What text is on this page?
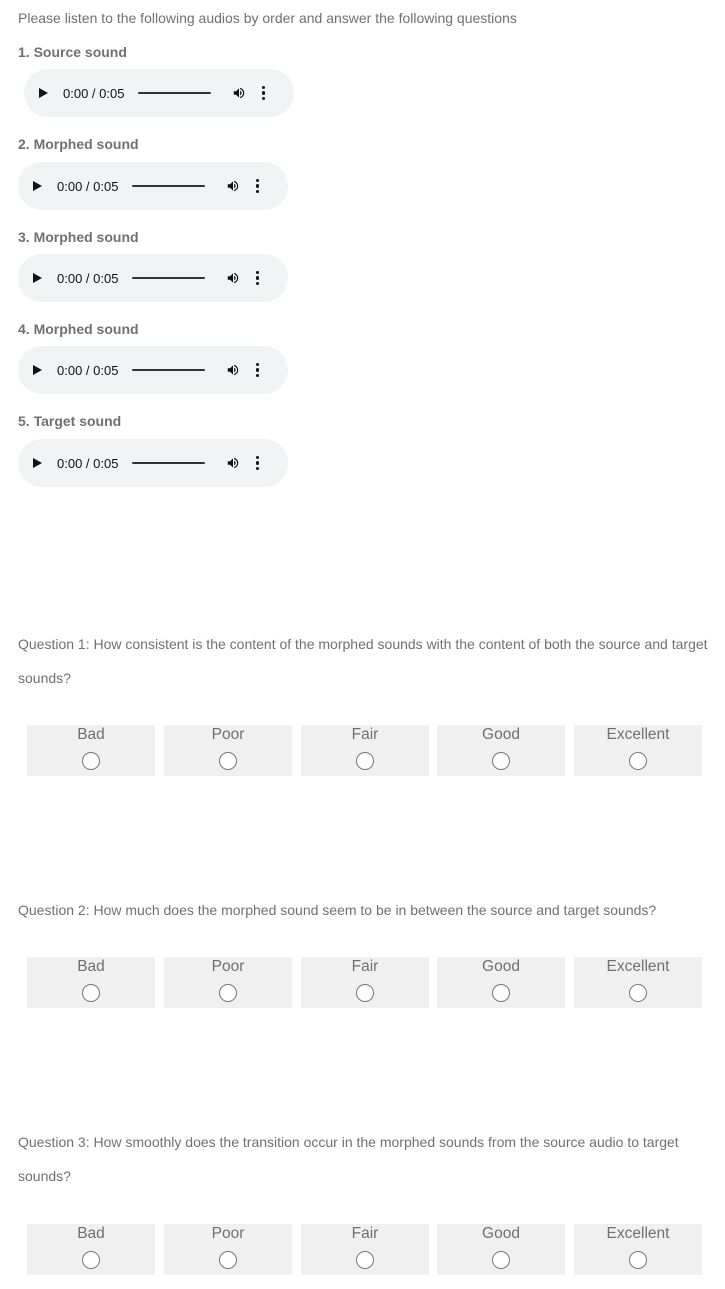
Please listen to the following audios by order and answer the following questions
1. Source sound
0:00 / 0:05
2. Morphed sound
0:00 / 0:05
3. Morphed sound
0:00 / 0:05
4. Morphed sound
0:00 / 0:05
5. Target sound
0:00 / 0:05
Question 1: How consistent is the content of the morphed sounds with the content of both the source and target sounds?
Bad	Poor	Fair	Good	Excellent
Question 2: How much does the morphed sound seem to be in between the source and target sounds?
Bad	Poor	Fair	Good	Excellent
Question 3: How smoothly does the transition occur in the morphed sounds from the source audio to target sounds?
Bad	Poor	Fair	Good	Excellent
